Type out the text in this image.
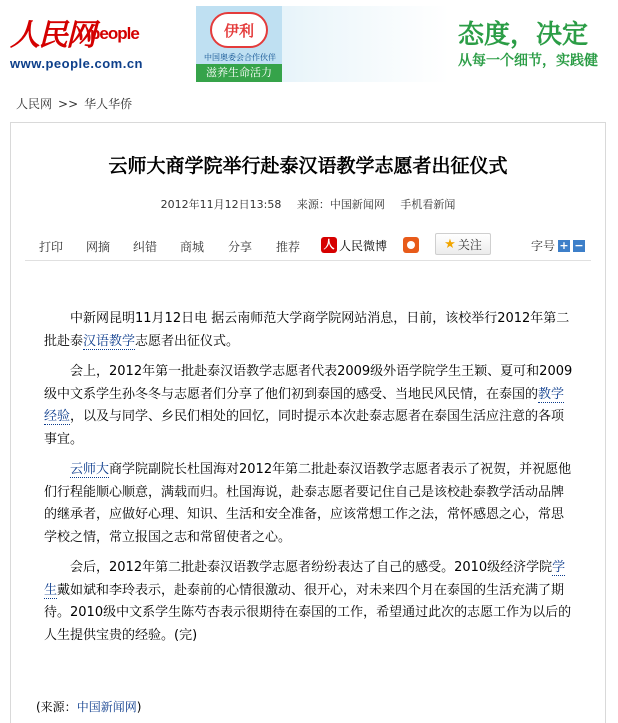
人民网
people
www.people.com.cn
伊利
中国奥委会合作伙伴
滋养生命活力
态度，决定
从每一个细节，实践健
人民网 >> 华人华侨
云师大商学院举行赴泰汉语教学志愿者出征仪式
2012年11月12日13:58 来源：中国新闻网 手机看新闻
打印 网摘 纠错 商城 分享 推荐 人 人民微博	★ 关注	字号 + −

中新网昆明11月12日电 据云南师范大学商学院网站消息，日前，该校举行2012年第二批赴泰汉语教学志愿者出征仪式。

会上，2012年第一批赴泰汉语教学志愿者代表2009级外语学院学生王颖、夏可和2009级中文系学生孙冬冬与志愿者们分享了他们初到泰国的感受、当地民风民情，在泰国的教学经验，以及与同学、乡民们相处的回忆，同时提示本次赴泰志愿者在泰国生活应注意的各项事宜。

云师大商学院副院长杜国海对2012年第二批赴泰汉语教学志愿者表示了祝贺，并祝愿他们行程能顺心顺意，满载而归。杜国海说，赴泰志愿者要记住自己是该校赴泰教学活动品牌的继承者，应做好心理、知识、生活和安全准备，应该常想工作之法，常怀感恩之心，常思学校之情，常立报国之志和常留使者之心。

会后，2012年第二批赴泰汉语教学志愿者纷纷表达了自己的感受。2010级经济学院学生戴如斌和李玲表示，赴泰前的心情很激动、很开心，对未来四个月在泰国的生活充满了期待。2010级中文系学生陈芍杏表示很期待在泰国的工作，希望通过此次的志愿工作为以后的人生提供宝贵的经验。(完)

(来源：中国新闻网)
